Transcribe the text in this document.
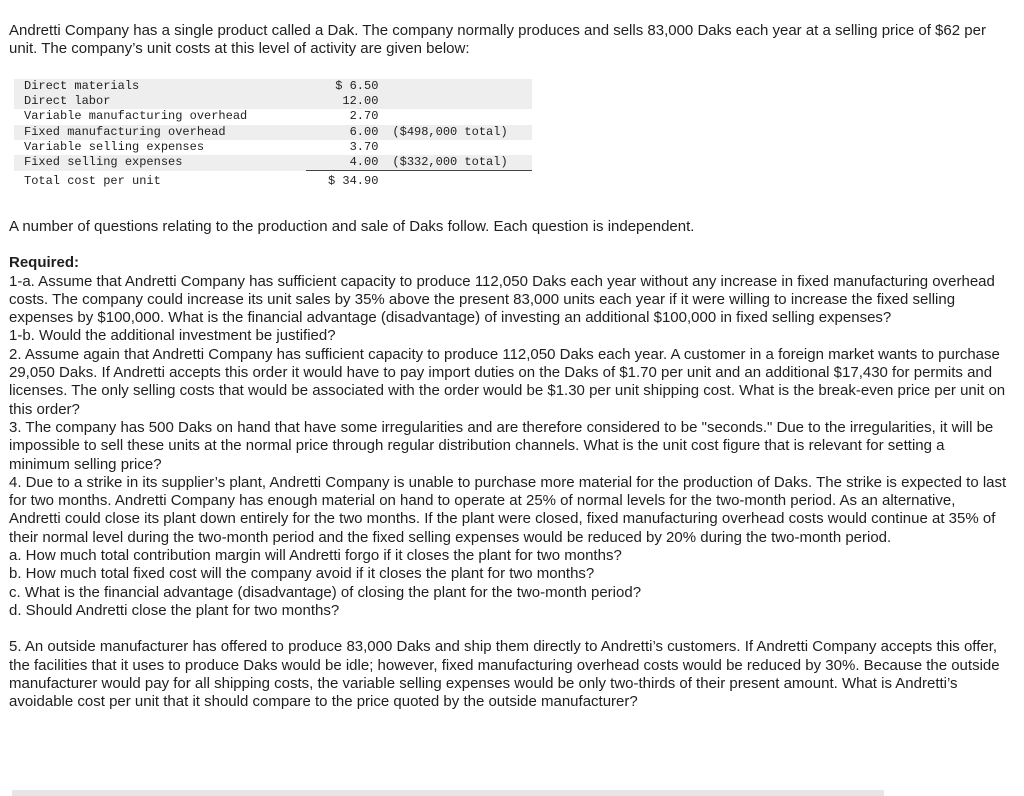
Andretti Company has a single product called a Dak. The company normally produces and sells 83,000 Daks each year at a selling price of $62 per unit. The company’s unit costs at this level of activity are given below:

Direct materials	$ 6.50	
Direct labor	12.00	
Variable manufacturing overhead	2.70	
Fixed manufacturing overhead	6.00	($498,000 total)
Variable selling expenses	3.70	
Fixed selling expenses	4.00	($332,000 total)
Total cost per unit	$ 34.90	

A number of questions relating to the production and sale of Daks follow. Each question is independent.

Required:

1-a. Assume that Andretti Company has sufficient capacity to produce 112,050 Daks each year without any increase in fixed manufacturing overhead costs. The company could increase its unit sales by 35% above the present 83,000 units each year if it were willing to increase the fixed selling expenses by $100,000. What is the financial advantage (disadvantage) of investing an additional $100,000 in fixed selling expenses?

1-b. Would the additional investment be justified?

2. Assume again that Andretti Company has sufficient capacity to produce 112,050 Daks each year. A customer in a foreign market wants to purchase 29,050 Daks. If Andretti accepts this order it would have to pay import duties on the Daks of $1.70 per unit and an additional $17,430 for permits and licenses. The only selling costs that would be associated with the order would be $1.30 per unit shipping cost. What is the break-even price per unit on this order?

3. The company has 500 Daks on hand that have some irregularities and are therefore considered to be "seconds." Due to the irregularities, it will be impossible to sell these units at the normal price through regular distribution channels. What is the unit cost figure that is relevant for setting a minimum selling price?

4. Due to a strike in its supplier’s plant, Andretti Company is unable to purchase more material for the production of Daks. The strike is expected to last for two months. Andretti Company has enough material on hand to operate at 25% of normal levels for the two-month period. As an alternative, Andretti could close its plant down entirely for the two months. If the plant were closed, fixed manufacturing overhead costs would continue at 35% of their normal level during the two-month period and the fixed selling expenses would be reduced by 20% during the two-month period.

a. How much total contribution margin will Andretti forgo if it closes the plant for two months?

b. How much total fixed cost will the company avoid if it closes the plant for two months?

c. What is the financial advantage (disadvantage) of closing the plant for the two-month period?

d. Should Andretti close the plant for two months?

5. An outside manufacturer has offered to produce 83,000 Daks and ship them directly to Andretti’s customers. If Andretti Company accepts this offer, the facilities that it uses to produce Daks would be idle; however, fixed manufacturing overhead costs would be reduced by 30%. Because the outside manufacturer would pay for all shipping costs, the variable selling expenses would be only two-thirds of their present amount. What is Andretti’s avoidable cost per unit that it should compare to the price quoted by the outside manufacturer?
